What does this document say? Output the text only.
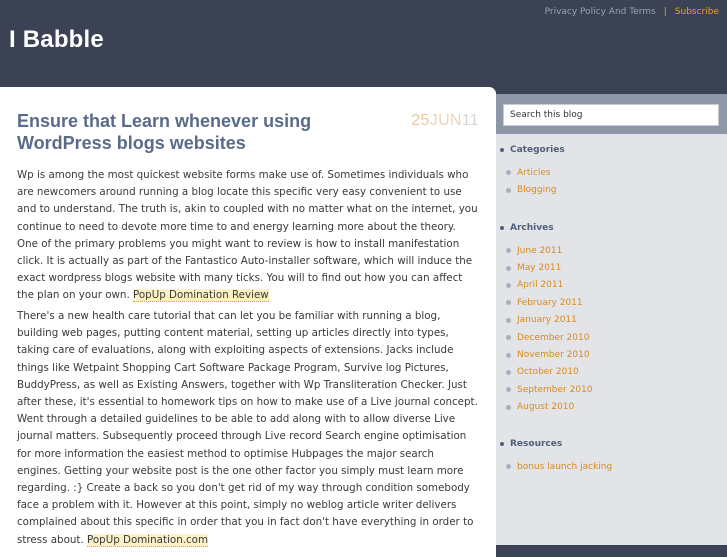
Privacy Policy And Terms | Subscribe
I Babble
Ensure that Learn whenever using WordPress blogs websites
25JUN11

Wp is among the most quickest website forms make use of. Sometimes individuals who are newcomers around running a blog locate this specific very easy convenient to use and to understand. The truth is, akin to coupled with no matter what on the internet, you continue to need to devote more time to and energy learning more about the theory. One of the primary problems you might want to review is how to install manifestation click. It is actually as part of the Fantastico Auto-installer software, which will induce the exact wordpress blogs website with many ticks. You will to find out how you can affect the plan on your own. PopUp Domination Review

There's a new health care tutorial that can let you be familiar with running a blog, building web pages, putting content material, setting up articles directly into types, taking care of evaluations, along with exploiting aspects of extensions. Jacks include things like Wetpaint Shopping Cart Software Package Program, Survive log Pictures, BuddyPress, as well as Existing Answers, together with Wp Transliteration Checker. Just after these, it's essential to homework tips on how to make use of a Live journal concept. Went through a detailed guidelines to be able to add along with to allow diverse Live journal matters. Subsequently proceed through Live record Search engine optimisation for more information the easiest method to optimise Hubpages the major search engines. Getting your website post is the one other factor you simply must learn more regarding. :} Create a back so you don't get rid of my way through condition somebody face a problem with it. However at this point, simply no weblog article writer delivers complained about this specific in order that you in fact don't have everything in order to stress about. PopUp Domination.com

Search this blog
Categories
Articles
Blogging
Archives
June 2011
May 2011
April 2011
February 2011
January 2011
December 2010
November 2010
October 2010
September 2010
August 2010
Resources
bonus launch jacking
